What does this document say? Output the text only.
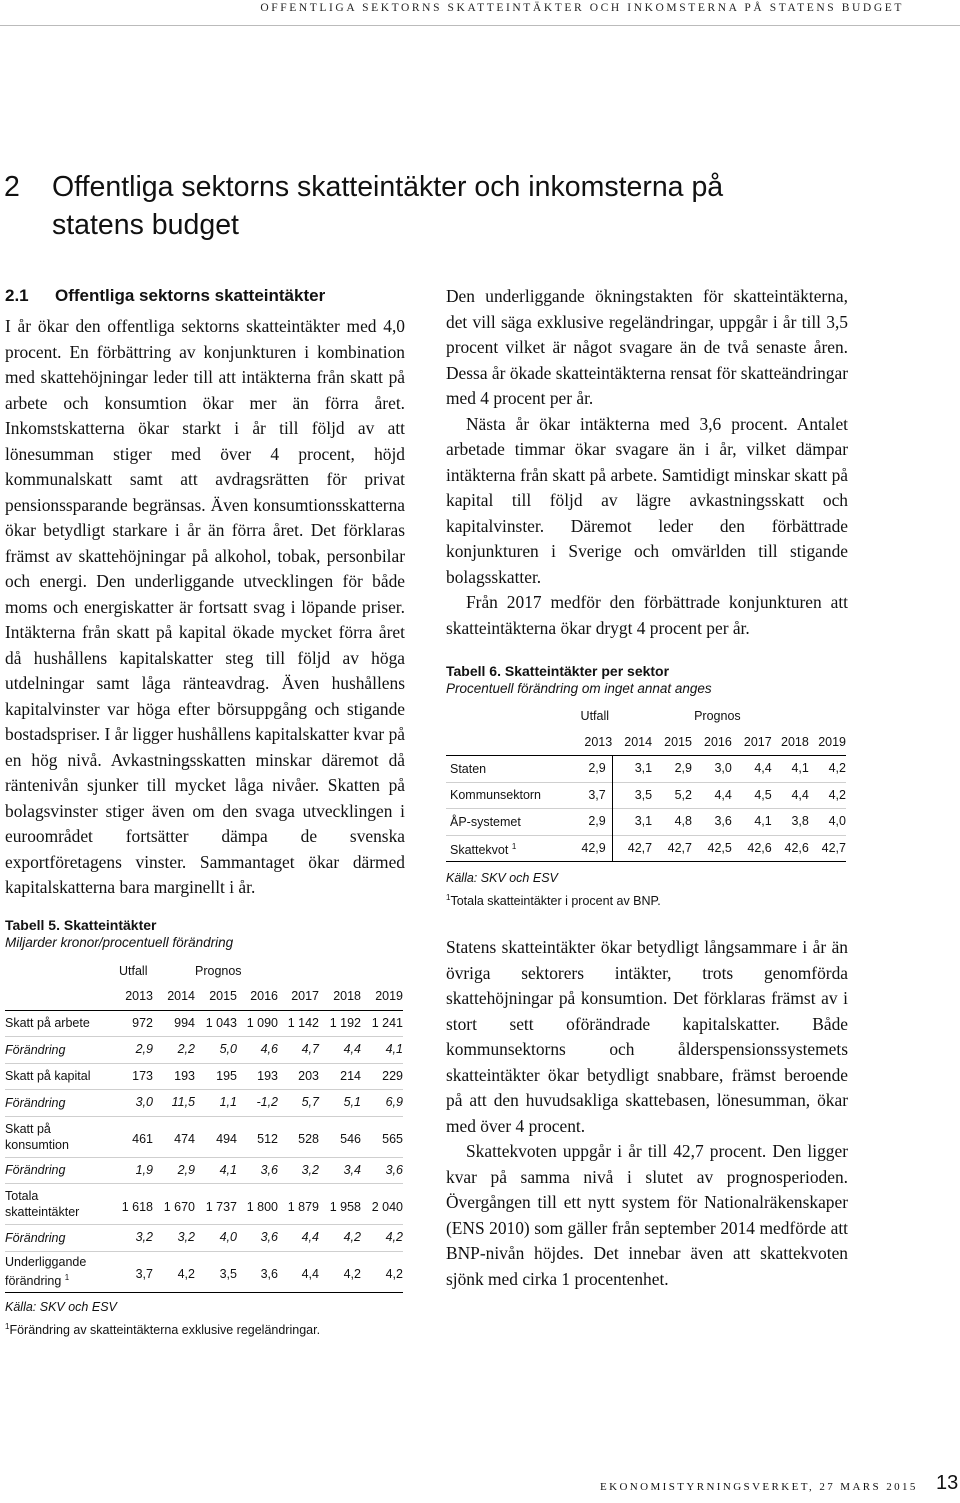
OFFENTLIGA SEKTORNS SKATTEINTÄKTER OCH INKOMSTERNA PÅ STATENS BUDGET
2 Offentliga sektorns skatteintäkter och inkomsterna på
statens budget
2.1 Offentliga sektorns skatteintäkter

I år ökar den offentliga sektorns skatteintäkter med 4,0 procent. En förbättring av konjunkturen i kombination med skattehöjningar leder till att intäkterna från skatt på arbete och konsumtion ökar mer än förra året. Inkomstskatterna ökar starkt i år till följd av att lönesumman stiger med över 4 procent, höjd kommunalskatt samt att avdragsrätten för privat pensionssparande begränsas. Även konsumtionsskatterna ökar betydligt starkare i år än förra året. Det förklaras främst av skattehöjningar på alkohol, tobak, personbilar och energi. Den underliggande utvecklingen för både moms och energiskatter är fortsatt svag i löpande priser. Intäkterna från skatt på kapital ökade mycket förra året då hushållens kapitalskatter steg till följd av höga utdelningar samt låga ränteavdrag. Även hushållens kapitalvinster var höga efter börsuppgång och stigande bostadspriser. I år ligger hushållens kapitalskatter kvar på en hög nivå. Avkastningsskatten minskar däremot då räntenivån sjunker till mycket låga nivåer. Skatten på bolagsvinster stiger även om den svaga utvecklingen i euroområdet fortsätter dämpa de svenska exportföretagens vinster. Sammantaget ökar därmed kapitalskatterna bara marginellt i år.

Tabell 5. Skatteintäkter
Miljarder kronor/procentuell förändring
	Utfall		Prognos				
	2013	2014	2015	2016	2017	2018	2019
Skatt på arbete	972	994	1 043	1 090	1 142	1 192	1 241
Förändring	2,9	2,2	5,0	4,6	4,7	4,4	4,1
Skatt på kapital	173	193	195	193	203	214	229
Förändring	3,0	11,5	1,1	-1,2	5,7	5,1	6,9
Skatt på
konsumtion	461	474	494	512	528	546	565
Förändring	1,9	2,9	4,1	3,6	3,2	3,4	3,6
Totala
skatteintäkter	1 618	1 670	1 737	1 800	1 879	1 958	2 040
Förändring	3,2	3,2	4,0	3,6	4,4	4,2	4,2
Underliggande
förändring $^1$	3,7	4,2	3,5	3,6	4,4	4,2	4,2
Källa: SKV och ESV
$^1$Förändring av skatteintäkterna exklusive regeländringar.

Den underliggande ökningstakten för skatteintäkterna, det vill säga exklusive regeländringar, uppgår i år till 3,5 procent vilket är något svagare än de två senaste åren. Dessa år ökade skatteintäkterna rensat för skatteändringar med 4 procent per år.

Nästa år ökar intäkterna med 3,6 procent. Antalet arbetade timmar ökar svagare än i år, vilket dämpar intäkterna från skatt på arbete. Samtidigt minskar skatt på kapital till följd av lägre avkastningsskatt och kapitalvinster. Däremot leder den förbättrade konjunkturen i Sverige och omvärlden till stigande bolagsskatter.

Från 2017 medför den förbättrade konjunkturen att skatteintäkterna ökar drygt 4 procent per år.

Tabell 6. Skatteintäkter per sektor
Procentuell förändring om inget annat anges
	Utfall		Prognos				
	2013	2014	2015	2016	2017	2018	2019
Staten	2,9	3,1	2,9	3,0	4,4	4,1	4,2
Kommunsektorn	3,7	3,5	5,2	4,4	4,5	4,4	4,2
ÅP-systemet	2,9	3,1	4,8	3,6	4,1	3,8	4,0
Skattekvot $^1$	42,9	42,7	42,7	42,5	42,6	42,6	42,7
Källa: SKV och ESV
$^1$Totala skatteintäkter i procent av BNP.

Statens skatteintäkter ökar betydligt långsammare i år än övriga sektorers intäkter, trots genomförda skattehöjningar på konsumtion. Det förklaras främst av i stort sett oförändrade kapitalskatter. Både kommunsektorns och ålderspensionssystemets skatteintäkter ökar betydligt snabbare, främst beroende på att den huvudsakliga skattebasen, lönesumman, ökar med över 4 procent.

Skattekvoten uppgår i år till 42,7 procent. Den ligger kvar på samma nivå i slutet av prognosperioden. Övergången till ett nytt system för Nationalräkenskaper (ENS 2010) som gäller från september 2014 medförde att BNP-nivån höjdes. Det innebar även att skattekvoten sjönk med cirka 1 procentenhet.

EKONOMISTYRNINGSVERKET, 27 MARS 2015 13
